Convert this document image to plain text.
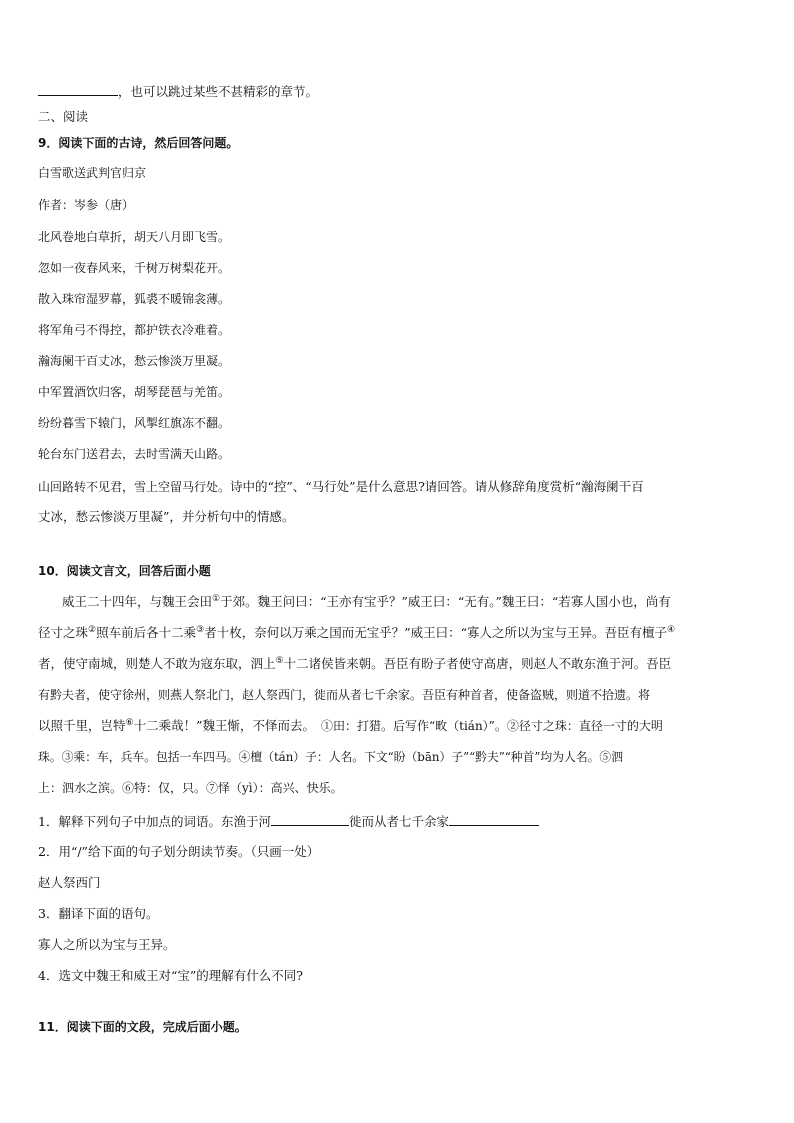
，也可以跳过某些不甚精彩的章节。
二、阅读
9．阅读下面的古诗，然后回答问题。
白雪歌送武判官归京
作者：岑参（唐）
北风卷地白草折，胡天八月即飞雪。
忽如一夜春风来，千树万树梨花开。
散入珠帘湿罗幕，狐裘不暖锦衾薄。
将军角弓不得控，都护铁衣冷难着。
瀚海阑干百丈冰，愁云惨淡万里凝。
中军置酒饮归客，胡琴琵琶与羌笛。
纷纷暮雪下辕门，风掣红旗冻不翻。
轮台东门送君去，去时雪满天山路。
山回路转不见君，雪上空留马行处。诗中的“控”、“马行处”是什么意思?请回答。请从修辞角度赏析“瀚海阑干百
丈冰，愁云惨淡万里凝”，并分析句中的情感。
10．阅读文言文，回答后面小题
威王二十四年，与魏王会田①于郊。魏王问曰：“王亦有宝乎？”威王曰：“无有。”魏王曰：“若寡人国小也，尚有
径寸之珠②照车前后各十二乘③者十枚，奈何以万乘之国而无宝乎？”威王曰：“寡人之所以为宝与王异。吾臣有檀子④
者，使守南城，则楚人不敢为寇东取，泗上⑤十二诸侯皆来朝。吾臣有盼子者使守高唐，则赵人不敢东渔于河。吾臣
有黔夫者，使守徐州，则燕人祭北门，赵人祭西门，徙而从者七千余家。吾臣有种首者，使备盗贼，则道不拾遗。将
以照千里，岂特⑥十二乘哉！”魏王惭，不怿而去。 ①田：打猎。后写作“畋（tián）”。②径寸之珠：直径一寸的大明
珠。③乘：车，兵车。包括一车四马。④檀（tán）子：人名。下文“盼（bān）子”“黔夫”“种首”均为人名。⑤泗
上：泗水之滨。⑥特：仅，只。⑦怿（yì）：高兴、快乐。
1．解释下列句子中加点的词语。东渔于河	徙而从者七千余家
2．用“/”给下面的句子划分朗读节奏。（只画一处）
赵人祭西门
3．翻译下面的语句。
寡人之所以为宝与王异。
4．选文中魏王和威王对“宝”的理解有什么不同?
11．阅读下面的文段，完成后面小题。
